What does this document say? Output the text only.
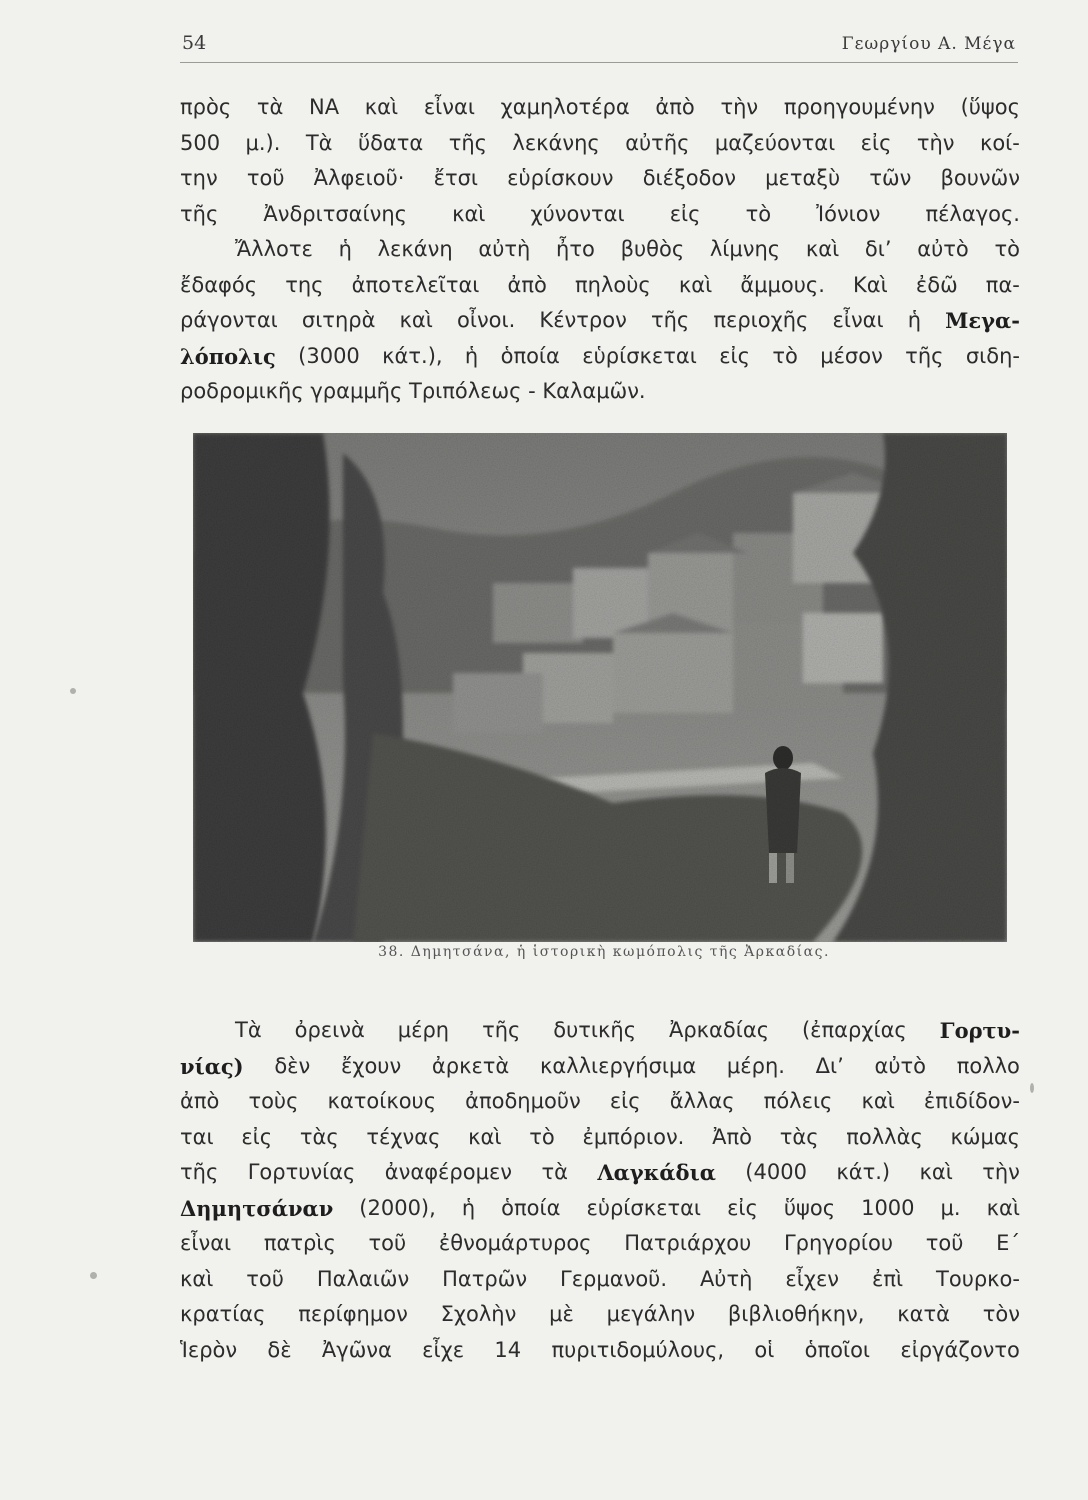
54	Γεωργίου Α. Μέγα
πρὸς τὰ ΝΑ καὶ εἶναι χαμηλοτέρα ἀπὸ τὴν προηγουμένην (ὕψος
500 μ.). Τὰ ὕδατα τῆς λεκάνης αὐτῆς μαζεύονται εἰς τὴν κοί-
την τοῦ Ἀλφειοῦ· ἔτσι εὑρίσκουν διέξοδον μεταξὺ τῶν βουνῶν
τῆς Ἀνδριτσαίνης καὶ χύνονται εἰς τὸ Ἰόνιον πέλαγος.
Ἄλλοτε ἡ λεκάνη αὐτὴ ἦτο βυθὸς λίμνης καὶ δι’ αὐτὸ τὸ
ἔδαφός της ἀποτελεῖται ἀπὸ πηλοὺς καὶ ἄμμους. Καὶ ἐδῶ πα-
ράγονται σιτηρὰ καὶ οἶνοι. Κέντρον τῆς περιοχῆς εἶναι ἡ Μεγα-
λόπολις (3000 κάτ.), ἡ ὁποία εὑρίσκεται εἰς τὸ μέσον τῆς σιδη-
ροδρομικῆς γραμμῆς Τριπόλεως - Καλαμῶν.
38. Δημητσάνα, ἡ ἱστορικὴ κωμόπολις τῆς Ἀρκαδίας.
Τὰ ὀρεινὰ μέρη τῆς δυτικῆς Ἀρκαδίας (ἐπαρχίας Γορτυ-
νίας) δὲν ἔχουν ἀρκετὰ καλλιεργήσιμα μέρη. Δι’ αὐτὸ πολλο
ἀπὸ τοὺς κατοίκους ἀποδημοῦν εἰς ἄλλας πόλεις καὶ ἐπιδίδον-
ται εἰς τὰς τέχνας καὶ τὸ ἐμπόριον. Ἀπὸ τὰς πολλὰς κώμας
τῆς Γορτυνίας ἀναφέρομεν τὰ Λαγκάδια (4000 κάτ.) καὶ τὴν
Δημητσάναν (2000), ἡ ὁποία εὑρίσκεται εἰς ὕψος 1000 μ. καὶ
εἶναι πατρὶς τοῦ ἐθνομάρτυρος Πατριάρχου Γρηγορίου τοῦ Ε´
καὶ τοῦ Παλαιῶν Πατρῶν Γερμανοῦ. Αὐτὴ εἶχεν ἐπὶ Τουρκο-
κρατίας περίφημον Σχολὴν μὲ μεγάλην βιβλιοθήκην, κατὰ τὸν
Ἱερὸν δὲ Ἀγῶνα εἶχε 14 πυριτιδομύλους, οἱ ὁποῖοι εἰργάζοντο
